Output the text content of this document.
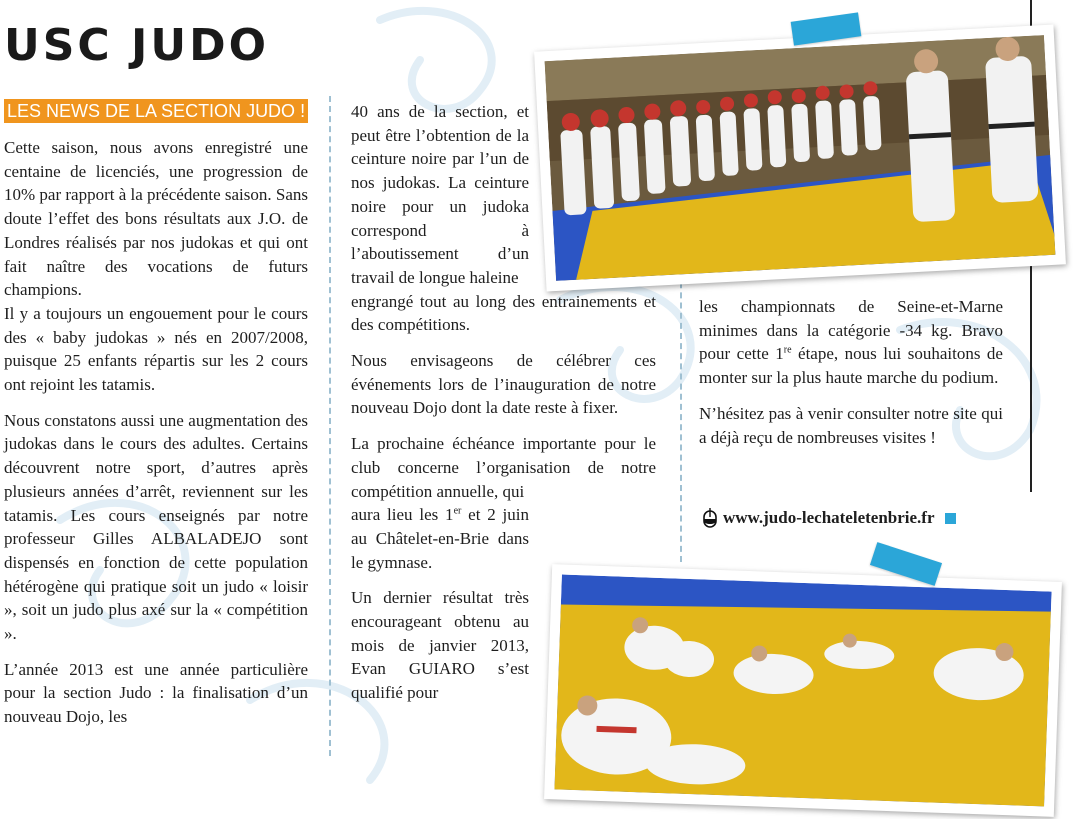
USC JUDO
LES NEWS DE LA SECTION JUDO !

Cette saison, nous avons enregistré une centaine de licenciés, une progression de 10% par rapport à la précédente saison. Sans doute l’effet des bons résultats aux J.O. de Londres réalisés par nos judokas et qui ont fait naître des vocations de futurs champions.

Il y a toujours un engouement pour le cours des « baby judokas » nés en 2007/2008, puisque 25 enfants répartis sur les 2 cours ont rejoint les tatamis.

Nous constatons aussi une augmentation des judokas dans le cours des adultes. Certains découvrent notre sport, d’autres après plusieurs années d’arrêt, reviennent sur les tatamis. Les cours enseignés par notre professeur Gilles ALBALADEJO sont dispensés en fonction de cette population hétérogène qui pratique soit un judo « loisir », soit un judo plus axé sur la « compétition ».

L’année 2013 est une année particulière pour la section Judo : la finalisation d’un nouveau Dojo, les

40 ans de la section, et peut être l’obtention de la ceinture noire par l’un de nos judokas. La ceinture noire pour un judoka correspond à l’aboutissement d’un travail de longue haleine
engrangé tout au long des entrainements et des compétitions.

Nous envisageons de célébrer ces événements lors de l’inauguration de notre nouveau Dojo dont la date reste à fixer.

La prochaine échéance importante pour le club concerne l’organisation de notre compétition annuelle, qui
aura lieu les 1er et 2 juin au Châtelet-en-Brie dans le gymnase.

Un dernier résultat très encourageant obtenu au mois de janvier 2013, Evan GUIARO s’est qualifié pour

les championnats de Seine-et-Marne minimes dans la catégorie -34 kg. Bravo pour cette 1re étape, nous lui souhaitons de monter sur la plus haute marche du podium.

N’hésitez pas à venir consulter notre site qui a déjà reçu de nombreuses visites !

www.judo-lechateletenbrie.fr
